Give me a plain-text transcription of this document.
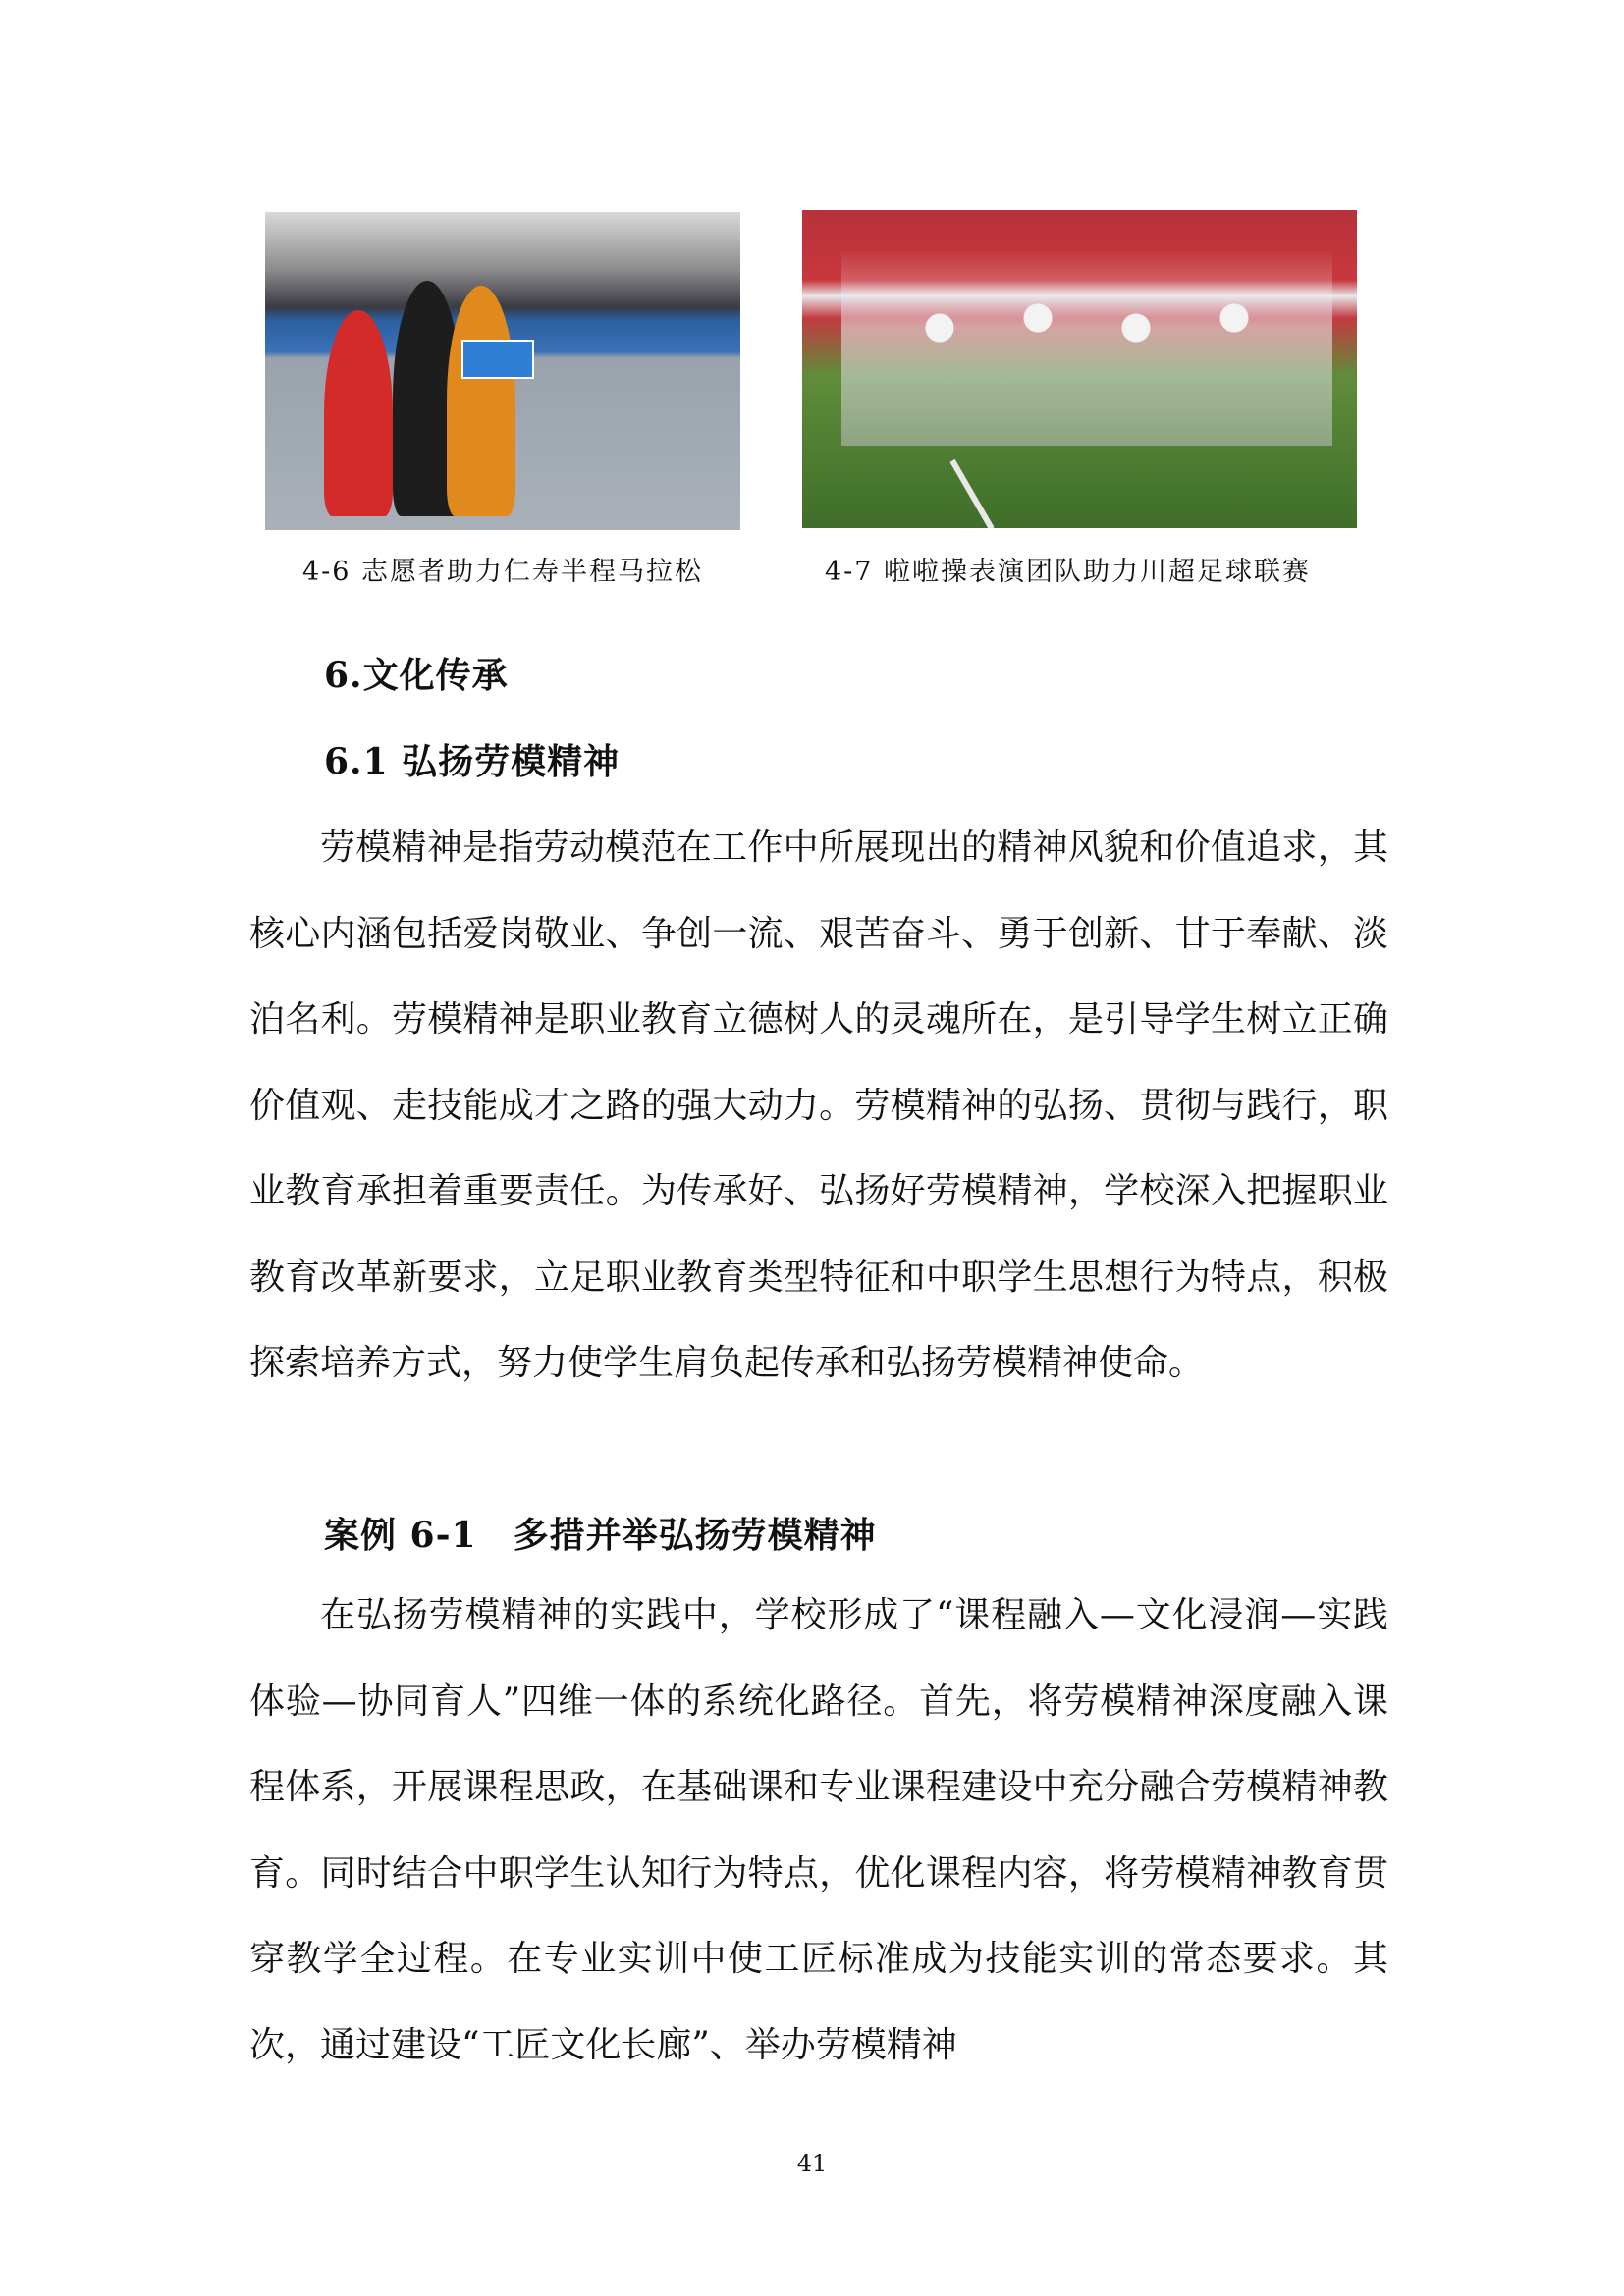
4-6 志愿者助力仁寿半程马拉松	4-7 啦啦操表演团队助力川超足球联赛
6.文化传承
6.1 弘扬劳模精神
劳模精神是指劳动模范在工作中所展现出的精神风貌和价值追求，其核心内涵包括爱岗敬业、争创一流、艰苦奋斗、勇于创新、甘于奉献、淡泊名利。劳模精神是职业教育立德树人的灵魂所在，是引导学生树立正确价值观、走技能成才之路的强大动力。劳模精神的弘扬、贯彻与践行，职业教育承担着重要责任。为传承好、弘扬好劳模精神，学校深入把握职业教育改革新要求，立足职业教育类型特征和中职学生思想行为特点，积极探索培养方式，努力使学生肩负起传承和弘扬劳模精神使命。
案例 6-1　多措并举弘扬劳模精神
在弘扬劳模精神的实践中，学校形成了“课程融入—文化浸润—实践体验—协同育人”四维一体的系统化路径。首先，将劳模精神深度融入课程体系，开展课程思政，在基础课和专业课程建设中充分融合劳模精神教育。同时结合中职学生认知行为特点，优化课程内容，将劳模精神教育贯穿教学全过程。在专业实训中使工匠标准成为技能实训的常态要求。其次，通过建设“工匠文化长廊”、举办劳模精神
41
